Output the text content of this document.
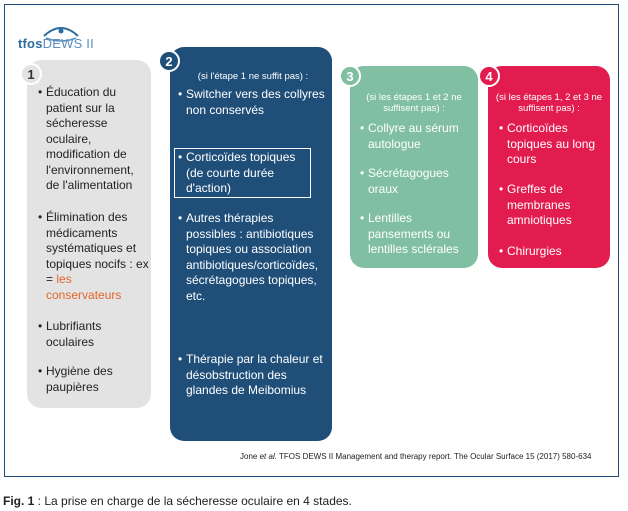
tfosDEWS II
1
2
3	4
• Éducation du patient sur la sécheresse oculaire, modification de l'environnement, de l'alimentation
• Élimination des médicaments systématiques et topiques nocifs : ex = les conservateurs
• Lubrifiants oculaires
• Hygiène des paupières
(si l'étape 1 ne suffit pas) :
• Switcher vers des collyres non conservés
• Corticoïdes topiques (de courte durée d'action)
• Autres thérapies possibles : antibiotiques topiques ou association antibiotiques/corticoïdes, sécrétagogues topiques, etc.
• Thérapie par la chaleur et désobstruction des glandes de Meibomius
(si les étapes 1 et 2 ne suffisent pas) :
• Collyre au sérum autologue
• Sécrétagogues oraux
• Lentilles pansements ou lentilles sclérales
(si les étapes 1, 2 et 3 ne suffisent pas) :
• Corticoïdes topiques au long cours
• Greffes de membranes amniotiques
• Chirurgies
Jone et al. TFOS DEWS II Management and therapy report. The Ocular Surface 15 (2017) 580-634
Fig. 1 : La prise en charge de la sécheresse oculaire en 4 stades.
